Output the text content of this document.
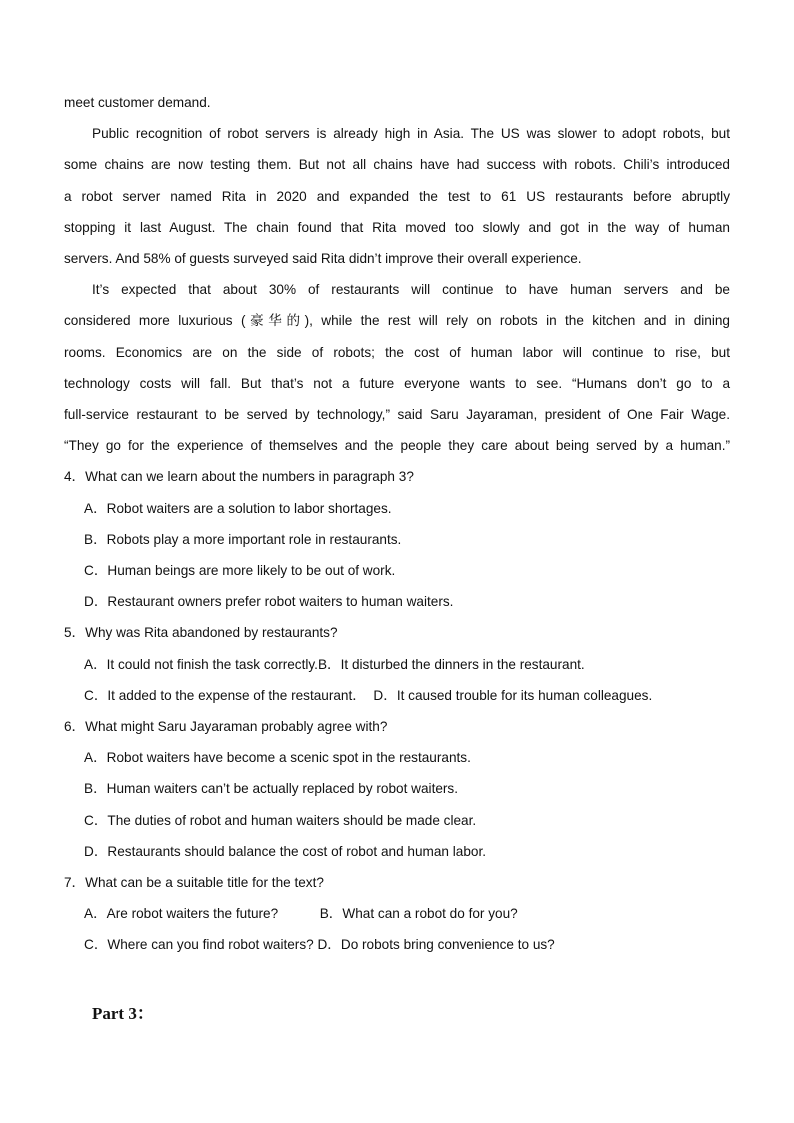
meet customer demand.
Public recognition of robot servers is already high in Asia. The US was slower to adopt robots, but
some chains are now testing them. But not all chains have had success with robots. Chili’s introduced
a robot server named Rita in 2020 and expanded the test to 61 US restaurants before abruptly
stopping it last August. The chain found that Rita moved too slowly and got in the way of human
servers. And 58% of guests surveyed said Rita didn’t improve their overall experience.
It’s expected that about 30% of restaurants will continue to have human servers and be
considered more luxurious (豪华的), while the rest will rely on robots in the kitchen and in dining
rooms. Economics are on the side of robots; the cost of human labor will continue to rise, but
technology costs will fall. But that’s not a future everyone wants to see. “Humans don’t go to a
full-service restaurant to be served by technology,” said Saru Jayaraman, president of One Fair Wage.
“They go for the experience of themselves and the people they care about being served by a human.”
4．What can we learn about the numbers in paragraph 3?
A．Robot waiters are a solution to labor shortages.
B．Robots play a more important role in restaurants.
C．Human beings are more likely to be out of work.
D．Restaurant owners prefer robot waiters to human waiters.
5．Why was Rita abandoned by restaurants?
A．It could not finish the task correctly.B．It disturbed the dinners in the restaurant.
C．It added to the expense of the restaurant．  D．It caused trouble for its human colleagues.
6．What might Saru Jayaraman probably agree with?
A．Robot waiters have become a scenic spot in the restaurants.
B．Human waiters can’t be actually replaced by robot waiters.
C．The duties of robot and human waiters should be made clear.
D．Restaurants should balance the cost of robot and human labor.
7．What can be a suitable title for the text?
A．Are robot waiters the future?           B．What can a robot do for you?
C．Where can you find robot waiters? D．Do robots bring convenience to us?
Part 3：
